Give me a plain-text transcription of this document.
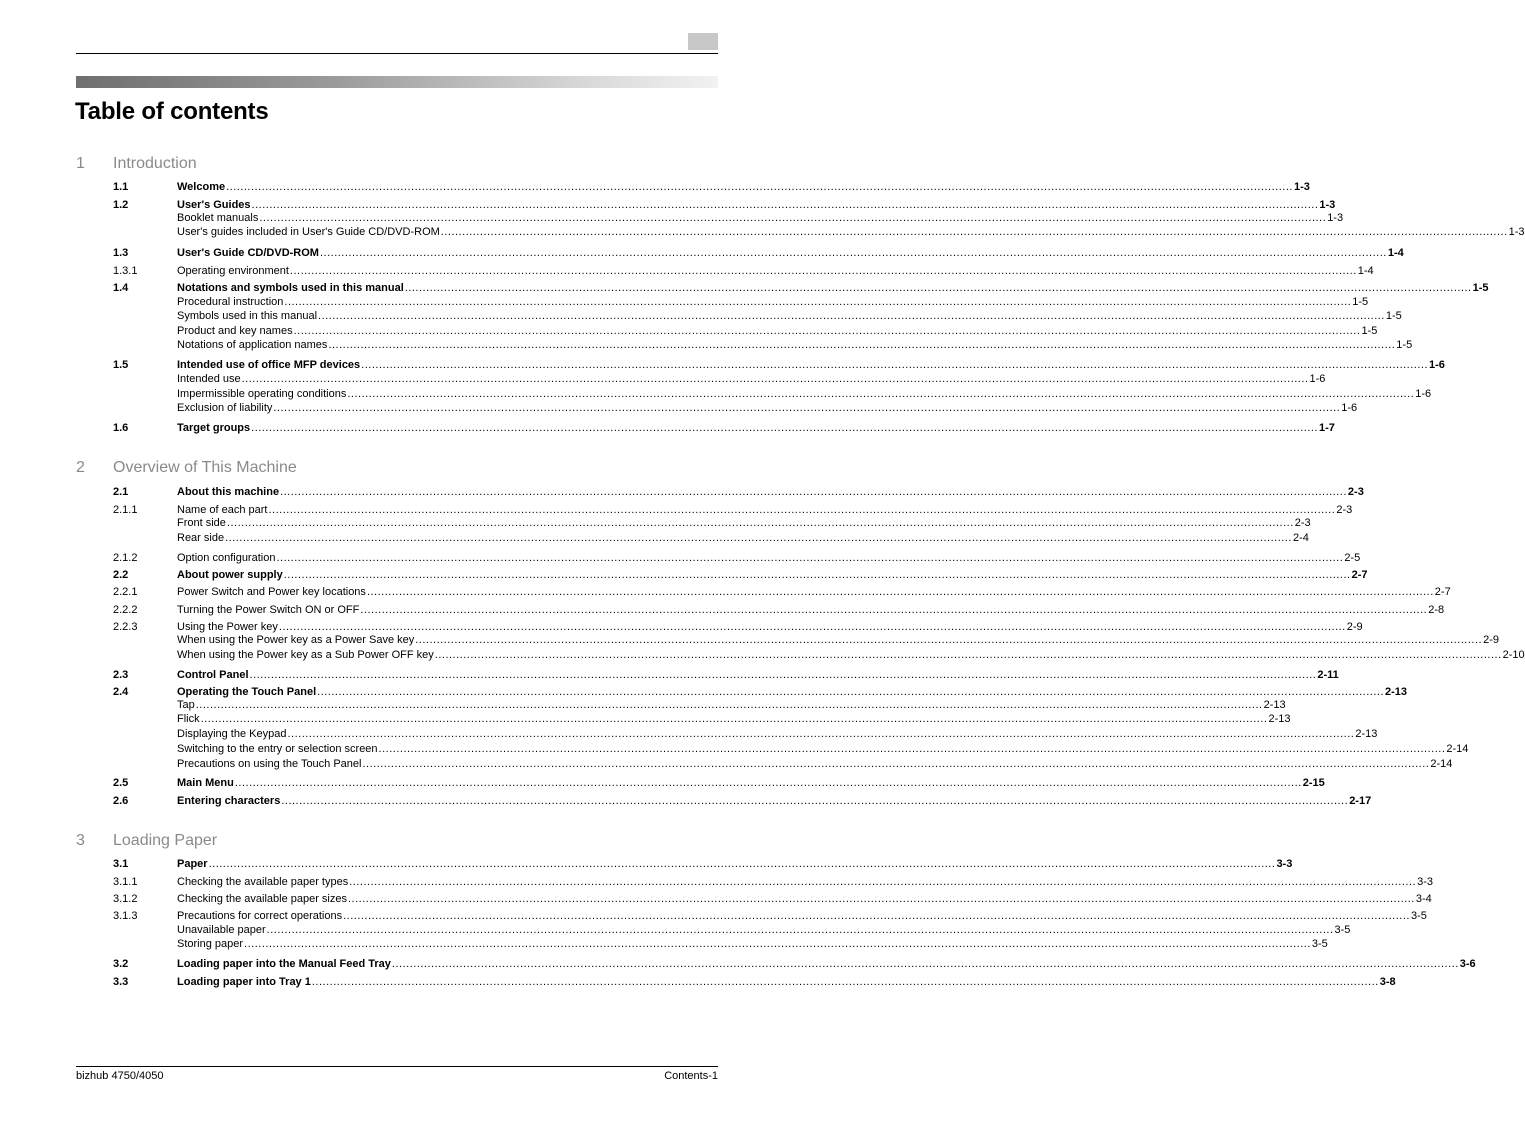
Table of contents
1 Introduction
1.1	Welcome ............................................................................................................................................................................................................................................................................................................ 1-3
1.2	User's Guides ............................................................................................................................................................................................................................................................................................................ 1-3
Booklet manuals ............................................................................................................................................................................................................................................................................................................ 1-3
User's guides included in User's Guide CD/DVD-ROM ............................................................................................................................................................................................................................................................................................................ 1-3
1.3	User's Guide CD/DVD-ROM ............................................................................................................................................................................................................................................................................................................ 1-4
1.3.1	Operating environment ............................................................................................................................................................................................................................................................................................................ 1-4
1.4	Notations and symbols used in this manual ............................................................................................................................................................................................................................................................................................................ 1-5
Procedural instruction ............................................................................................................................................................................................................................................................................................................ 1-5
Symbols used in this manual ............................................................................................................................................................................................................................................................................................................ 1-5
Product and key names ............................................................................................................................................................................................................................................................................................................ 1-5
Notations of application names ............................................................................................................................................................................................................................................................................................................ 1-5
1.5	Intended use of office MFP devices ............................................................................................................................................................................................................................................................................................................ 1-6
Intended use ............................................................................................................................................................................................................................................................................................................ 1-6
Impermissible operating conditions ............................................................................................................................................................................................................................................................................................................ 1-6
Exclusion of liability ............................................................................................................................................................................................................................................................................................................ 1-6
1.6	Target groups ............................................................................................................................................................................................................................................................................................................ 1-7
2 Overview of This Machine
2.1	About this machine ............................................................................................................................................................................................................................................................................................................ 2-3
2.1.1	Name of each part ............................................................................................................................................................................................................................................................................................................ 2-3
Front side ............................................................................................................................................................................................................................................................................................................ 2-3
Rear side ............................................................................................................................................................................................................................................................................................................ 2-4
2.1.2	Option configuration ............................................................................................................................................................................................................................................................................................................ 2-5
2.2	About power supply ............................................................................................................................................................................................................................................................................................................ 2-7
2.2.1	Power Switch and Power key locations ............................................................................................................................................................................................................................................................................................................ 2-7
2.2.2	Turning the Power Switch ON or OFF ............................................................................................................................................................................................................................................................................................................ 2-8
2.2.3	Using the Power key ............................................................................................................................................................................................................................................................................................................ 2-9
When using the Power key as a Power Save key ............................................................................................................................................................................................................................................................................................................ 2-9
When using the Power key as a Sub Power OFF key ............................................................................................................................................................................................................................................................................................................ 2-10
2.3	Control Panel ............................................................................................................................................................................................................................................................................................................ 2-11
2.4	Operating the Touch Panel ............................................................................................................................................................................................................................................................................................................ 2-13
Tap ............................................................................................................................................................................................................................................................................................................ 2-13
Flick ............................................................................................................................................................................................................................................................................................................ 2-13
Displaying the Keypad ............................................................................................................................................................................................................................................................................................................ 2-13
Switching to the entry or selection screen ............................................................................................................................................................................................................................................................................................................ 2-14
Precautions on using the Touch Panel ............................................................................................................................................................................................................................................................................................................ 2-14
2.5	Main Menu ............................................................................................................................................................................................................................................................................................................ 2-15
2.6	Entering characters ............................................................................................................................................................................................................................................................................................................ 2-17
3 Loading Paper
3.1	Paper ............................................................................................................................................................................................................................................................................................................ 3-3
3.1.1	Checking the available paper types ............................................................................................................................................................................................................................................................................................................ 3-3
3.1.2	Checking the available paper sizes ............................................................................................................................................................................................................................................................................................................ 3-4
3.1.3	Precautions for correct operations ............................................................................................................................................................................................................................................................................................................ 3-5
Unavailable paper ............................................................................................................................................................................................................................................................................................................ 3-5
Storing paper ............................................................................................................................................................................................................................................................................................................ 3-5
3.2	Loading paper into the Manual Feed Tray ............................................................................................................................................................................................................................................................................................................ 3-6
3.3	Loading paper into Tray 1 ............................................................................................................................................................................................................................................................................................................ 3-8
bizhub 4750/4050	Contents-1
